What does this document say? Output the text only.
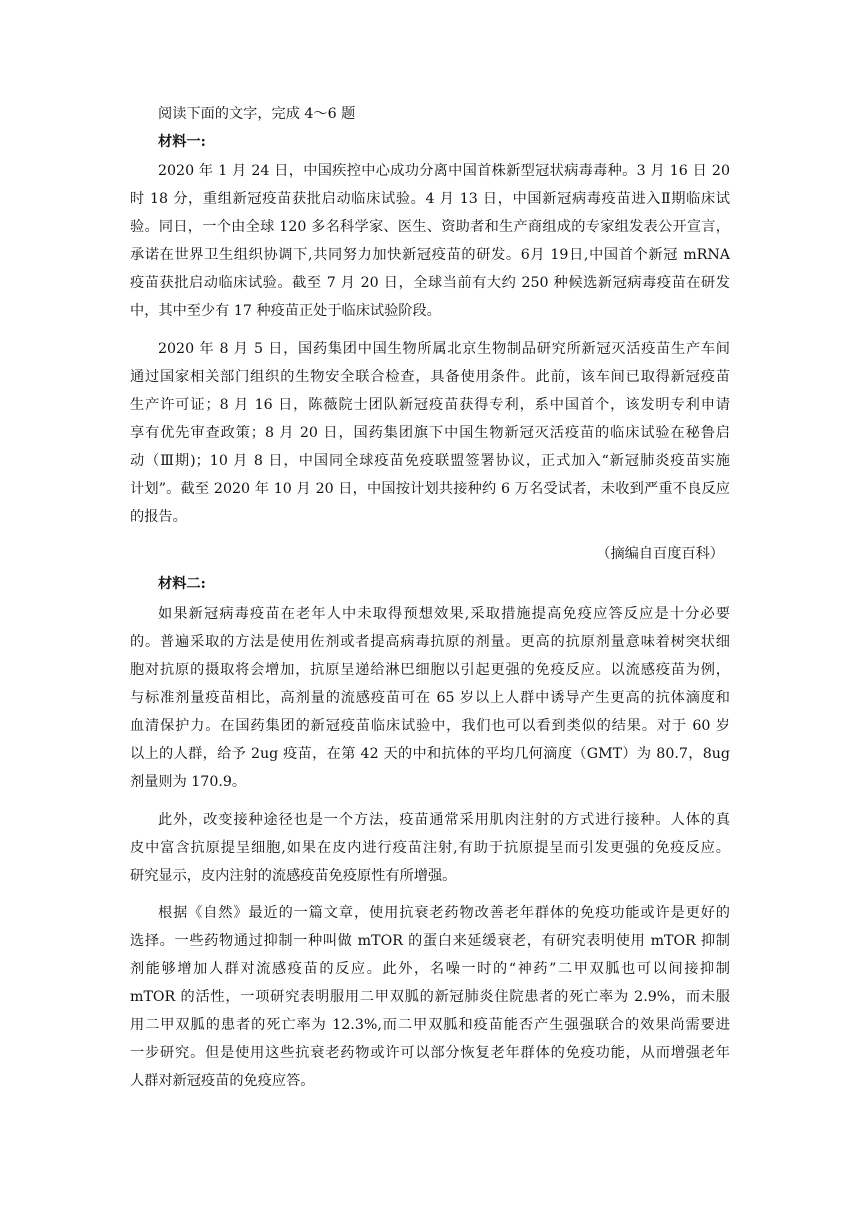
阅读下面的文字，完成 4～6 题
材料一:
2020 年 1 月 24 日，中国疾控中心成功分离中国首株新型冠状病毒毒种。3 月 16 日 20
时 18 分，重组新冠疫苗获批启动临床试验。4 月 13 日，中国新冠病毒疫苗进入Ⅱ期临床试
验。同日，一个由全球 120 多名科学家、医生、资助者和生产商组成的专家组发表公开宣言，
承诺在世界卫生组织协调下,共同努力加快新冠疫苗的研发。6月 19日,中国首个新冠 mRNA
疫苗获批启动临床试验。截至 7 月 20 日，全球当前有大约 250 种候选新冠病毒疫苗在研发
中，其中至少有 17 种疫苗正处于临床试验阶段。
2020 年 8 月 5 日，国药集团中国生物所属北京生物制品研究所新冠灭活疫苗生产车间
通过国家相关部门组织的生物安全联合检查，具备使用条件。此前，该车间已取得新冠疫苗
生产许可证；8 月 16 日，陈薇院士团队新冠疫苗获得专利，系中国首个，该发明专利申请
享有优先审查政策；8 月 20 日，国药集团旗下中国生物新冠灭活疫苗的临床试验在秘鲁启
动（Ⅲ期)；10 月 8 日，中国同全球疫苗免疫联盟签署协议，正式加入“新冠肺炎疫苗实施
计划”。截至 2020 年 10 月 20 日，中国按计划共接种约 6 万名受试者，未收到严重不良反应
的报告。
（摘编自百度百科）
材料二:
如果新冠病毒疫苗在老年人中未取得预想效果,采取措施提高免疫应答反应是十分必要
的。普遍采取的方法是使用佐剂或者提高病毒抗原的剂量。更高的抗原剂量意味着树突状细
胞对抗原的摄取将会增加，抗原呈递给淋巴细胞以引起更强的免疫反应。以流感疫苗为例，
与标准剂量疫苗相比，高剂量的流感疫苗可在 65 岁以上人群中诱导产生更高的抗体滴度和
血清保护力。在国药集团的新冠疫苗临床试验中，我们也可以看到类似的结果。对于 60 岁
以上的人群，给予 2ug 疫苗，在第 42 天的中和抗体的平均几何滴度（GMT）为 80.7，8ug
剂量则为 170.9。
此外，改变接种途径也是一个方法，疫苗通常采用肌肉注射的方式进行接种。人体的真
皮中富含抗原提呈细胞,如果在皮内进行疫苗注射,有助于抗原提呈而引发更强的免疫反应。
研究显示，皮内注射的流感疫苗免疫原性有所增强。
根据《自然》最近的一篇文章，使用抗衰老药物改善老年群体的免疫功能或许是更好的
选择。一些药物通过抑制一种叫做 mTOR 的蛋白来延缓衰老，有研究表明使用 mTOR 抑制
剂能够增加人群对流感疫苗的反应。此外，名噪一时的“神药”二甲双胍也可以间接抑制
mTOR 的活性，一项研究表明服用二甲双胍的新冠肺炎住院患者的死亡率为 2.9%，而未服
用二甲双胍的患者的死亡率为 12.3%,而二甲双胍和疫苗能否产生强强联合的效果尚需要进
一步研究。但是使用这些抗衰老药物或许可以部分恢复老年群体的免疫功能，从而增强老年
人群对新冠疫苗的免疫应答。
